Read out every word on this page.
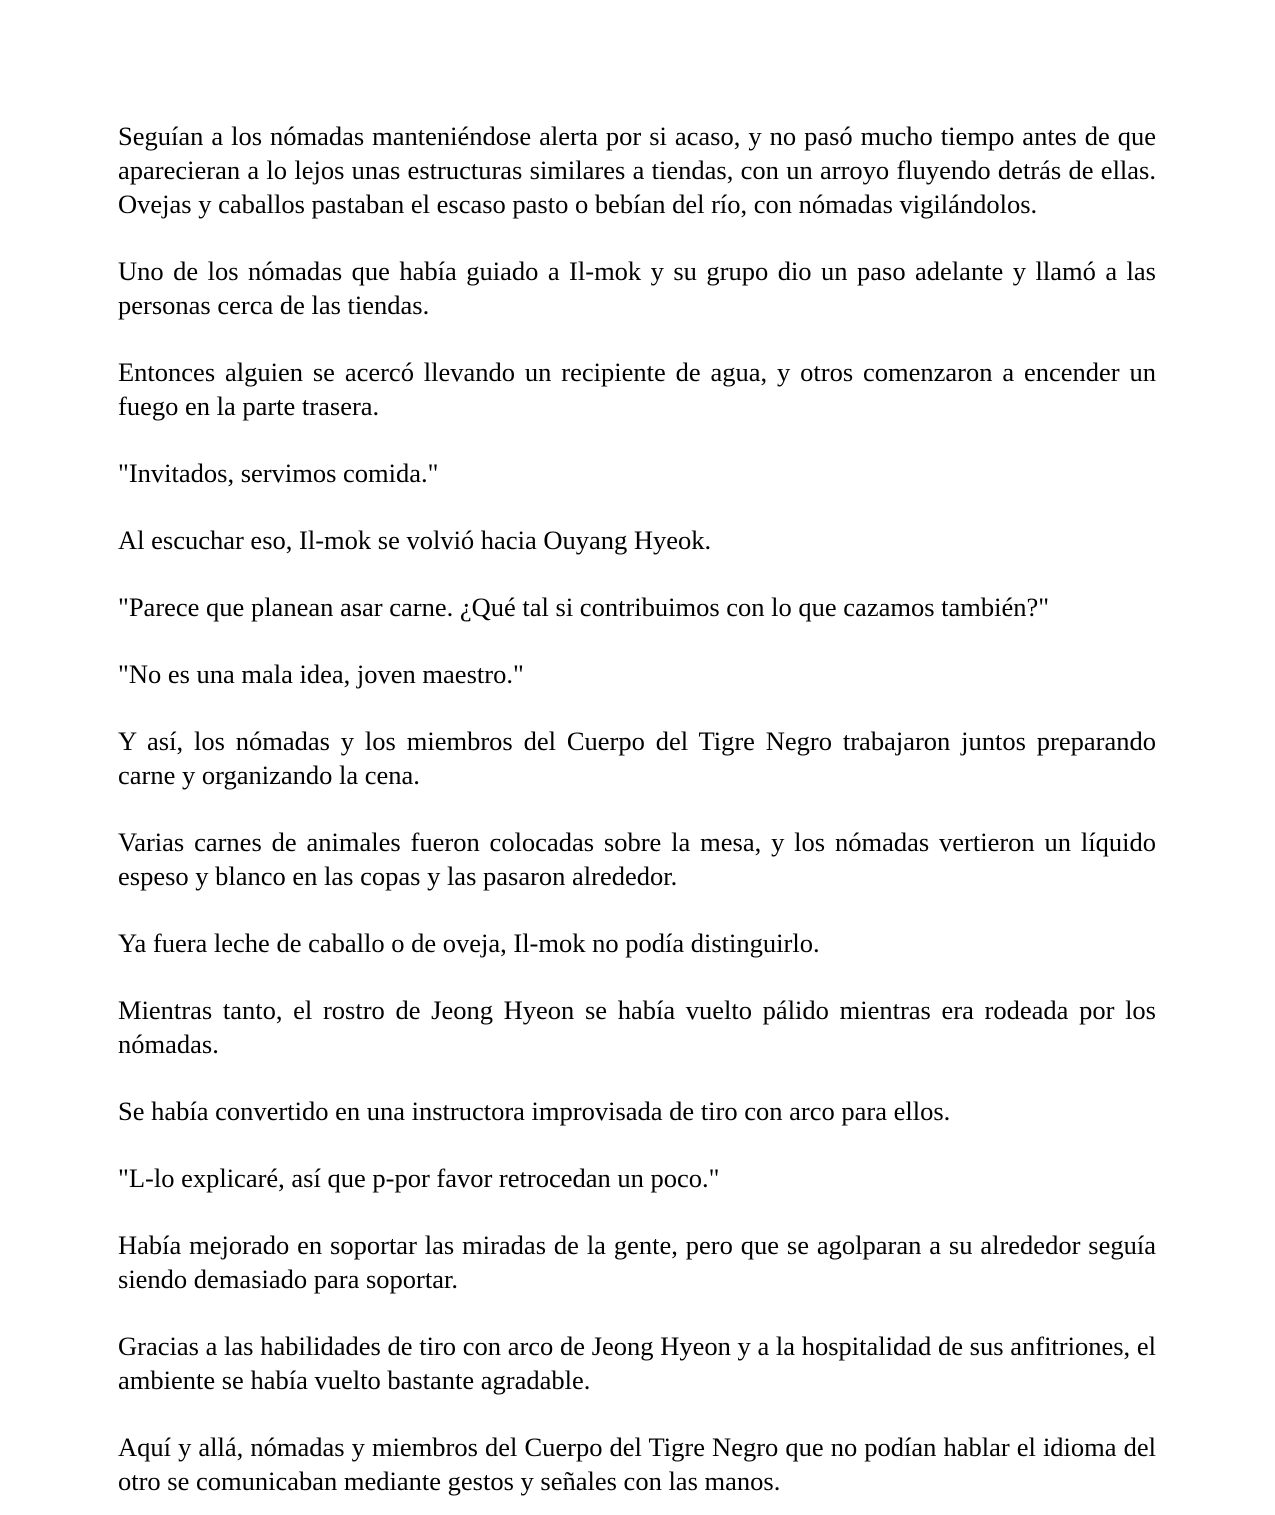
Seguían a los nómadas manteniéndose alerta por si acaso, y no pasó mucho tiempo antes de que aparecieran a lo lejos unas estructuras similares a tiendas, con un arroyo fluyendo detrás de ellas. Ovejas y caballos pastaban el escaso pasto o bebían del río, con nómadas vigilándolos.

Uno de los nómadas que había guiado a Il-mok y su grupo dio un paso adelante y llamó a las personas cerca de las tiendas.

Entonces alguien se acercó llevando un recipiente de agua, y otros comenzaron a encender un fuego en la parte trasera.

"Invitados, servimos comida."

Al escuchar eso, Il-mok se volvió hacia Ouyang Hyeok.

"Parece que planean asar carne. ¿Qué tal si contribuimos con lo que cazamos también?"

"No es una mala idea, joven maestro."

Y así, los nómadas y los miembros del Cuerpo del Tigre Negro trabajaron juntos preparando carne y organizando la cena.

Varias carnes de animales fueron colocadas sobre la mesa, y los nómadas vertieron un líquido espeso y blanco en las copas y las pasaron alrededor.

Ya fuera leche de caballo o de oveja, Il-mok no podía distinguirlo.

Mientras tanto, el rostro de Jeong Hyeon se había vuelto pálido mientras era rodeada por los nómadas.

Se había convertido en una instructora improvisada de tiro con arco para ellos.

"L-lo explicaré, así que p-por favor retrocedan un poco."

Había mejorado en soportar las miradas de la gente, pero que se agolparan a su alrededor seguía siendo demasiado para soportar.

Gracias a las habilidades de tiro con arco de Jeong Hyeon y a la hospitalidad de sus anfitriones, el ambiente se había vuelto bastante agradable.

Aquí y allá, nómadas y miembros del Cuerpo del Tigre Negro que no podían hablar el idioma del otro se comunicaban mediante gestos y señales con las manos.
